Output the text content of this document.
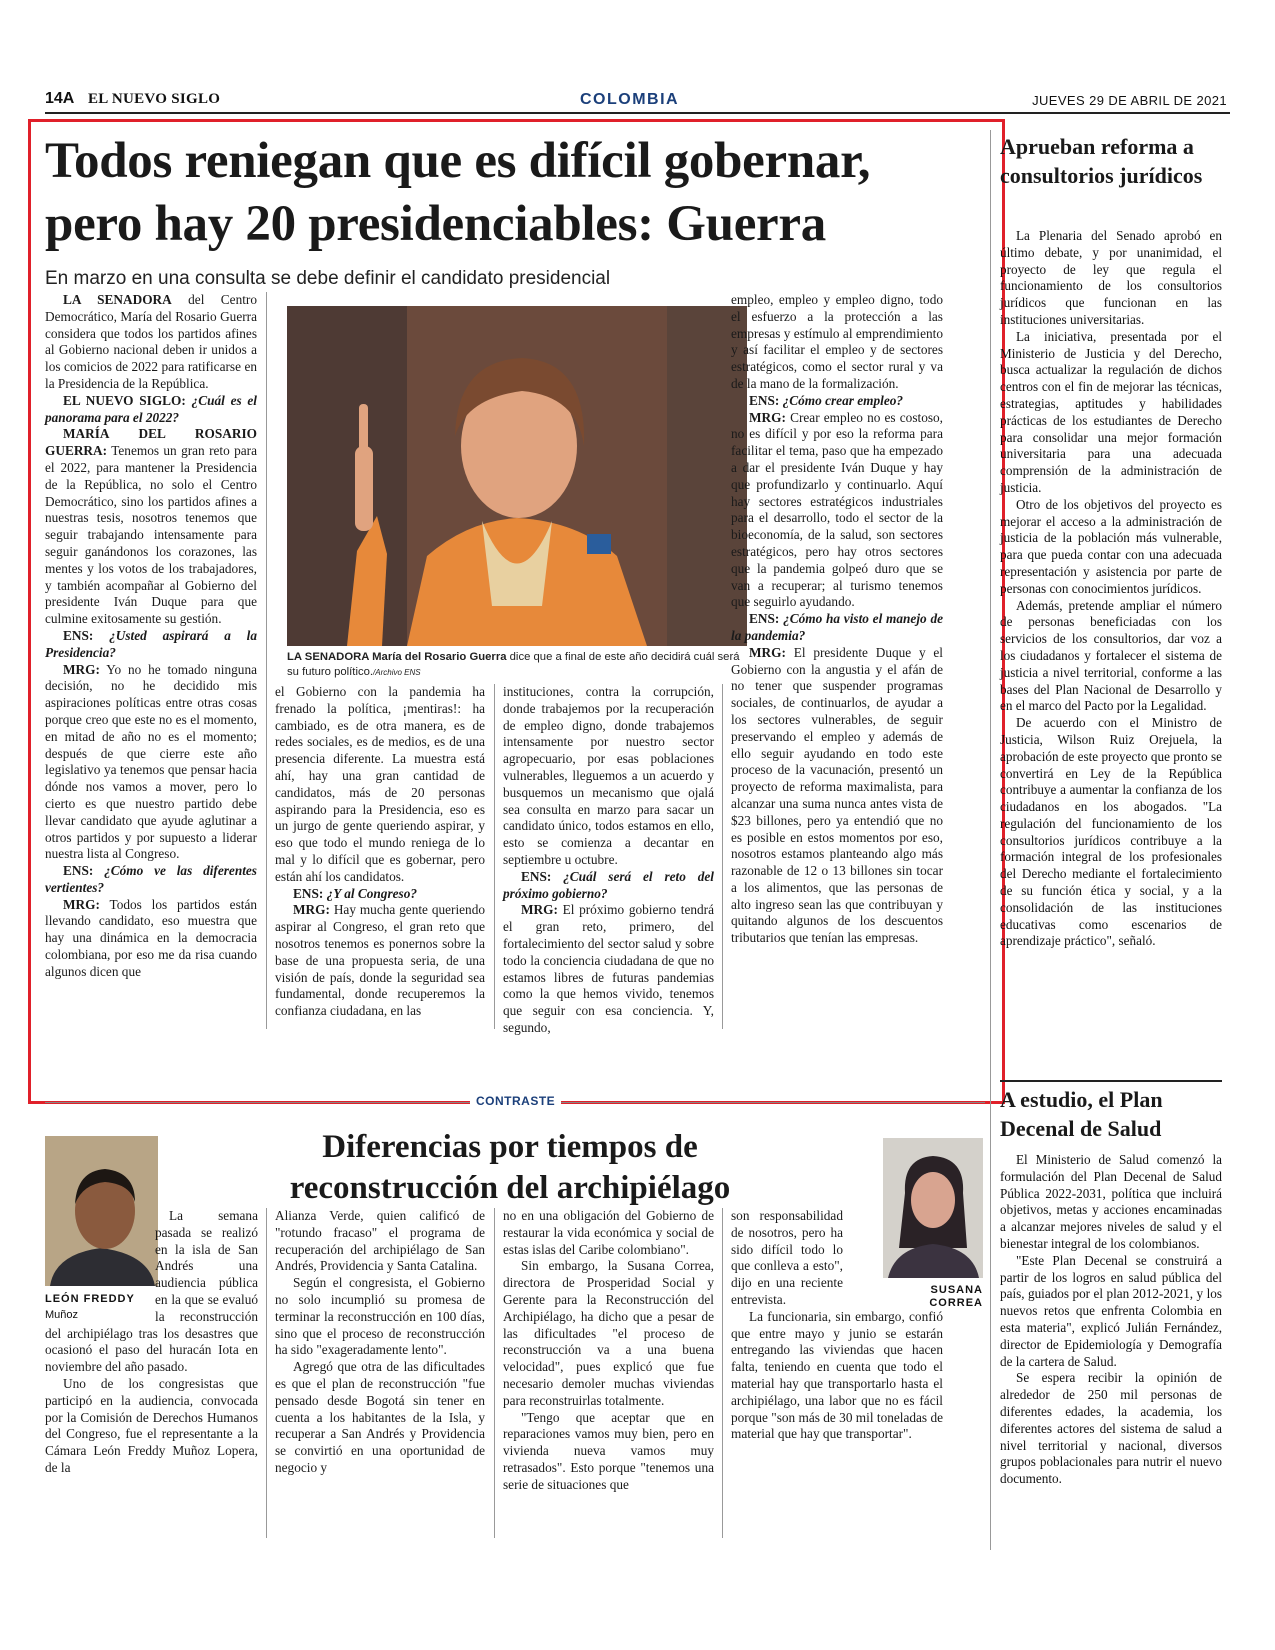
14A EL NUEVO SIGLO	COLOMBIA	JUEVES 29 DE ABRIL DE 2021
Todos reniegan que es difícil gobernar,
pero hay 20 presidenciables: Guerra
En marzo en una consulta se debe definir el candidato presidencial

LA SENADORA del Centro Democrático, María del Rosario Guerra considera que todos los partidos afines al Gobierno nacional deben ir unidos a los comicios de 2022 para ratificarse en la Presidencia de la República.

EL NUEVO SIGLO: ¿Cuál es el panorama para el 2022?

MARÍA DEL ROSARIO GUERRA: Tenemos un gran reto para el 2022, para mantener la Presidencia de la República, no solo el Centro Democrático, sino los partidos afines a nuestras tesis, nosotros tenemos que seguir trabajando intensamente para seguir ganándonos los corazones, las mentes y los votos de los trabajadores, y también acompañar al Gobierno del presidente Iván Duque para que culmine exitosamente su gestión.

ENS: ¿Usted aspirará a la Presidencia?

MRG: Yo no he tomado ninguna decisión, no he decidido mis aspiraciones políticas entre otras cosas porque creo que este no es el momento, en mitad de año no es el momento; después de que cierre este año legislativo ya tenemos que pensar hacia dónde nos vamos a mover, pero lo cierto es que nuestro partido debe llevar candidato que ayude aglutinar a otros partidos y por supuesto a liderar nuestra lista al Congreso.

ENS: ¿Cómo ve las diferentes vertientes?

MRG: Todos los partidos están llevando candidato, eso muestra que hay una dinámica en la democracia colombiana, por eso me da risa cuando algunos dicen que

LA SENADORA María del Rosario Guerra dice que a final de este año decidirá cuál será su futuro político./Archivo ENS

el Gobierno con la pandemia ha frenado la política, ¡mentiras!: ha cambiado, es de otra manera, es de redes sociales, es de medios, es de una presencia diferente. La muestra está ahí, hay una gran cantidad de candidatos, más de 20 personas aspirando para la Presidencia, eso es un jurgo de gente queriendo aspirar, y eso que todo el mundo reniega de lo mal y lo difícil que es gobernar, pero están ahí los candidatos.

ENS: ¿Y al Congreso?

MRG: Hay mucha gente queriendo aspirar al Congreso, el gran reto que nosotros tenemos es ponernos sobre la base de una propuesta seria, de una visión de país, donde la seguridad sea fundamental, donde recuperemos la confianza ciudadana, en las

instituciones, contra la corrupción, donde trabajemos por la recuperación de empleo digno, donde trabajemos intensamente por nuestro sector agropecuario, por esas poblaciones vulnerables, lleguemos a un acuerdo y busquemos un mecanismo que ojalá sea consulta en marzo para sacar un candidato único, todos estamos en ello, esto se comienza a decantar en septiembre u octubre.

ENS: ¿Cuál será el reto del próximo gobierno?

MRG: El próximo gobierno tendrá el gran reto, primero, del fortalecimiento del sector salud y sobre todo la conciencia ciudadana de que no estamos libres de futuras pandemias como la que hemos vivido, tenemos que seguir con esa conciencia. Y, segundo,

empleo, empleo y empleo digno, todo el esfuerzo a la protección a las empresas y estímulo al emprendimiento y así facilitar el empleo y de sectores estratégicos, como el sector rural y va de la mano de la formalización.

ENS: ¿Cómo crear empleo?

MRG: Crear empleo no es costoso, no es difícil y por eso la reforma para facilitar el tema, paso que ha empezado a dar el presidente Iván Duque y hay que profundizarlo y continuarlo. Aquí hay sectores estratégicos industriales para el desarrollo, todo el sector de la bioeconomía, de la salud, son sectores estratégicos, pero hay otros sectores que la pandemia golpeó duro que se van a recuperar; al turismo tenemos que seguirlo ayudando.

ENS: ¿Cómo ha visto el manejo de la pandemia?

MRG: El presidente Duque y el Gobierno con la angustia y el afán de no tener que suspender programas sociales, de continuarlos, de ayudar a los sectores vulnerables, de seguir preservando el empleo y además de ello seguir ayudando en todo este proceso de la vacunación, presentó un proyecto de reforma maximalista, para alcanzar una suma nunca antes vista de $23 billones, pero ya entendió que no es posible en estos momentos por eso, nosotros estamos planteando algo más razonable de 12 o 13 billones sin tocar a los alimentos, que las personas de alto ingreso sean las que contribuyan y quitando algunos de los descuentos tributarios que tenían las empresas.

CONTRASTE
Diferencias por tiempos de
reconstrucción del archipiélago
LEÓN FREDDY
Muñoz
SUSANA
CORREA

La semana pasada se realizó en la isla de San Andrés una audiencia pública en la que se evaluó la reconstrucción del archipiélago tras los desastres que ocasionó el paso del huracán Iota en noviembre del año pasado.

Uno de los congresistas que participó en la audiencia, convocada por la Comisión de Derechos Humanos del Congreso, fue el representante a la Cámara León Freddy Muñoz Lopera, de la

Alianza Verde, quien calificó de "rotundo fracaso" el programa de recuperación del archipiélago de San Andrés, Providencia y Santa Catalina.

Según el congresista, el Gobierno no solo incumplió su promesa de terminar la reconstrucción en 100 días, sino que el proceso de reconstrucción ha sido "exageradamente lento".

Agregó que otra de las dificultades es que el plan de reconstrucción "fue pensado desde Bogotá sin tener en cuenta a los habitantes de la Isla, y recuperar a San Andrés y Providencia se convirtió en una oportunidad de negocio y

no en una obligación del Gobierno de restaurar la vida económica y social de estas islas del Caribe colombiano".

Sin embargo, la Susana Correa, directora de Prosperidad Social y Gerente para la Reconstrucción del Archipiélago, ha dicho que a pesar de las dificultades "el proceso de reconstrucción va a una buena velocidad", pues explicó que fue necesario demoler muchas viviendas para reconstruirlas totalmente.

"Tengo que aceptar que en reparaciones vamos muy bien, pero en vivienda nueva vamos muy retrasados". Esto porque "tenemos una serie de situaciones que

son responsabilidad de nosotros, pero ha sido difícil todo lo que conlleva a esto", dijo en una reciente entrevista.

La funcionaria, sin embargo, confió que entre mayo y junio se estarán entregando las viviendas que hacen falta, teniendo en cuenta que todo el material hay que transportarlo hasta el archipiélago, una labor que no es fácil porque "son más de 30 mil toneladas de material que hay que transportar".

Aprueban reforma a consultorios jurídicos

La Plenaria del Senado aprobó en último debate, y por unanimidad, el proyecto de ley que regula el funcionamiento de los consultorios jurídicos que funcionan en las instituciones universitarias.

La iniciativa, presentada por el Ministerio de Justicia y del Derecho, busca actualizar la regulación de dichos centros con el fin de mejorar las técnicas, estrategias, aptitudes y habilidades prácticas de los estudiantes de Derecho para consolidar una mejor formación universitaria para una adecuada comprensión de la administración de justicia.

Otro de los objetivos del proyecto es mejorar el acceso a la administración de justicia de la población más vulnerable, para que pueda contar con una adecuada representación y asistencia por parte de personas con conocimientos jurídicos.

Además, pretende ampliar el número de personas beneficiadas con los servicios de los consultorios, dar voz a los ciudadanos y fortalecer el sistema de justicia a nivel territorial, conforme a las bases del Plan Nacional de Desarrollo y en el marco del Pacto por la Legalidad.

De acuerdo con el Ministro de Justicia, Wilson Ruiz Orejuela, la aprobación de este proyecto que pronto se convertirá en Ley de la República contribuye a aumentar la confianza de los ciudadanos en los abogados. "La regulación del funcionamiento de los consultorios jurídicos contribuye a la formación integral de los profesionales del Derecho mediante el fortalecimiento de su función ética y social, y a la consolidación de las instituciones educativas como escenarios de aprendizaje práctico", señaló.

A estudio, el Plan Decenal de Salud

El Ministerio de Salud comenzó la formulación del Plan Decenal de Salud Pública 2022-2031, política que incluirá objetivos, metas y acciones encaminadas a alcanzar mejores niveles de salud y el bienestar integral de los colombianos.

"Este Plan Decenal se construirá a partir de los logros en salud pública del país, guiados por el plan 2012-2021, y los nuevos retos que enfrenta Colombia en esta materia", explicó Julián Fernández, director de Epidemiología y Demografía de la cartera de Salud.

Se espera recibir la opinión de alrededor de 250 mil personas de diferentes edades, la academia, los diferentes actores del sistema de salud a nivel territorial y nacional, diversos grupos poblacionales para nutrir el nuevo documento.
